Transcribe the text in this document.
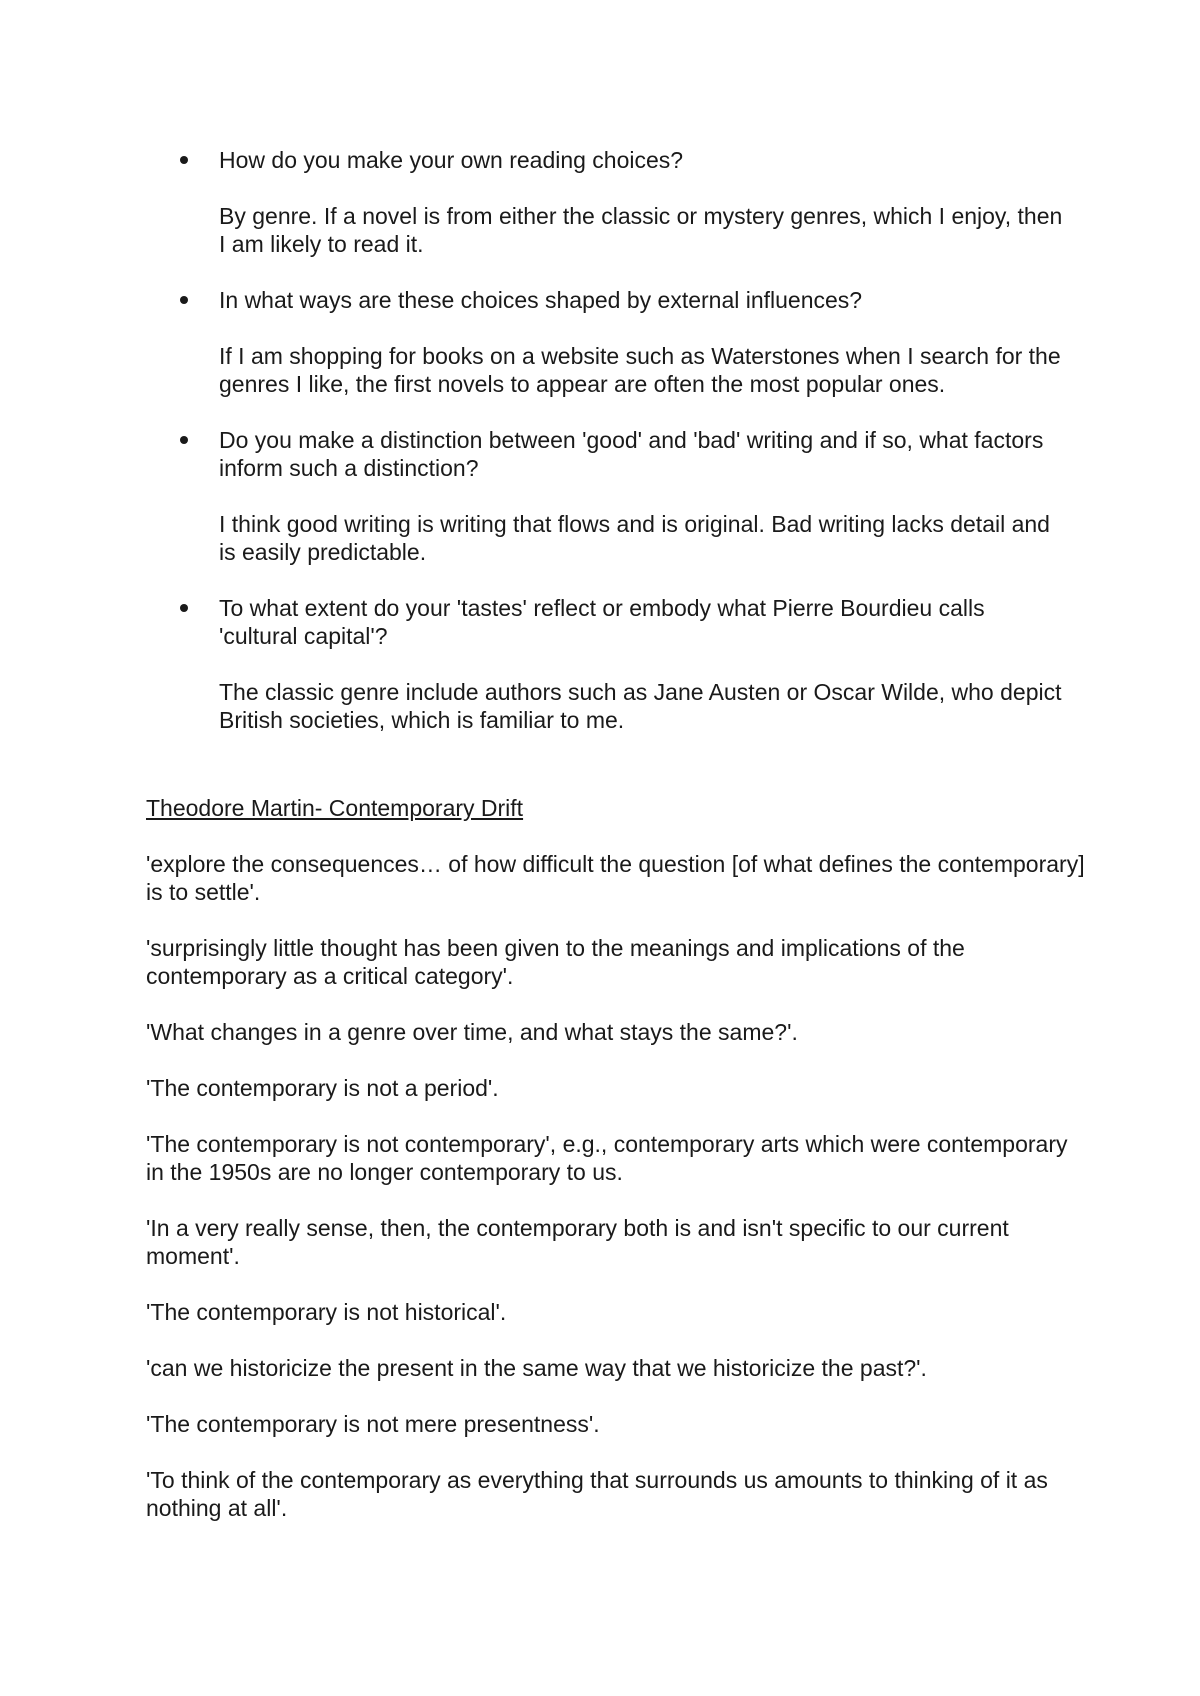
How do you make your own reading choices?

By genre. If a novel is from either the classic or mystery genres, which I enjoy, then I am likely to read it.

In what ways are these choices shaped by external influences?

If I am shopping for books on a website such as Waterstones when I search for the genres I like, the first novels to appear are often the most popular ones.

Do you make a distinction between 'good' and 'bad' writing and if so, what factors inform such a distinction?

I think good writing is writing that flows and is original. Bad writing lacks detail and is easily predictable.

To what extent do your 'tastes' reflect or embody what Pierre Bourdieu calls 'cultural capital'?

The classic genre include authors such as Jane Austen or Oscar Wilde, who depict British societies, which is familiar to me.

Theodore Martin- Contemporary Drift

'explore the consequences… of how difficult the question [of what defines the contemporary] is to settle'.

'surprisingly little thought has been given to the meanings and implications of the contemporary as a critical category'.

'What changes in a genre over time, and what stays the same?'.

'The contemporary is not a period'.

'The contemporary is not contemporary', e.g., contemporary arts which were contemporary in the 1950s are no longer contemporary to us.

'In a very really sense, then, the contemporary both is and isn't specific to our current moment'.

'The contemporary is not historical'.

'can we historicize the present in the same way that we historicize the past?'.

'The contemporary is not mere presentness'.

'To think of the contemporary as everything that surrounds us amounts to thinking of it as nothing at all'.
